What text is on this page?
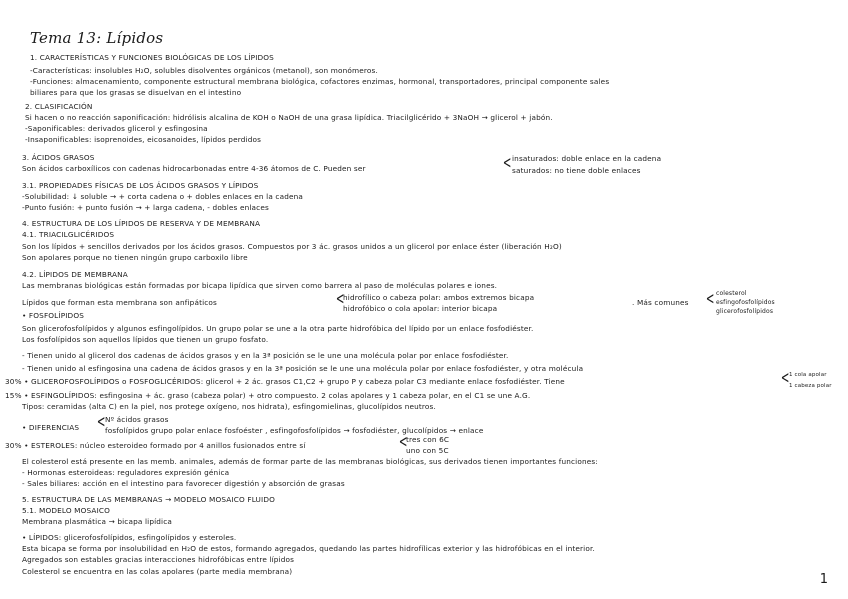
Tema 13: Lípidos
1. CARACTERÍSTICAS Y FUNCIONES BIOLÓGICAS DE LOS LÍPIDOS
-Características: insolubles H₂O, solubles disolventes orgánicos (metanol), son monómeros.
-Funciones: almacenamiento, componente estructural membrana biológica, cofactores enzimas, hormonal, transportadores, principal componente sales
biliares para que los grasas se disuelvan en el intestino
2. CLASIFICACIÓN
Si hacen o no reacción saponificación: hidrólisis alcalina de KOH o NaOH de una grasa lipídica. Triacilglicérido + 3NaOH → glicerol + jabón.
-Saponificables: derivados glicerol y esfingosina
-Insaponificables: isoprenoides, eicosanoides, lípidos perdidos
3. ÁCIDOS GRASOS
Son ácidos carboxílicos con cadenas hidrocarbonadas entre 4-36 átomos de C. Pueden ser	< insaturados: doble enlace en la cadena
saturados: no tiene doble enlaces
3.1. PROPIEDADES FÍSICAS DE LOS ÁCIDOS GRASOS Y LÍPIDOS
-Solubilidad: ↓ soluble → + corta cadena o + dobles enlaces en la cadena
-Punto fusión: + punto fusión → + larga cadena, - dobles enlaces
4. ESTRUCTURA DE LOS LÍPIDOS DE RESERVA Y DE MEMBRANA
4.1. TRIACILGLICÉRIDOS
Son los lípidos + sencillos derivados por los ácidos grasos. Compuestos por 3 ác. grasos unidos a un glicerol por enlace éster (liberación H₂O)
Son apolares porque no tienen ningún grupo carboxilo libre
4.2. LÍPIDOS DE MEMBRANA
Las membranas biológicas están formadas por bicapa lipídica que sirven como barrera al paso de moléculas polares e iones.
Lípidos que forman esta membrana son anfipáticos	<
hidrofílico o cabeza polar: ambos extremos bicapa
hidrofóbico o cola apolar: interior bicapa
. Más comunes < colesterol
esfingofosfolípidos
glicerofosfolípidos
• FOSFOLÍPIDOS
Son glicerofosfolípidos y algunos esfingolípidos. Un grupo polar se une a la otra parte hidrofóbica del lípido por un enlace fosfodiéster.
Los fosfolípidos son aquellos lípidos que tienen un grupo fosfato.
- Tienen unido al glicerol dos cadenas de ácidos grasos y en la 3ª posición se le une una molécula polar por enlace fosfodiéster.
- Tienen unido al esfingosina una cadena de ácidos grasos y en la 3ª posición se le une una molécula polar por enlace fosfodiéster, y otra molécula
30% • GLICEROFOSFOLÍPIDOS o FOSFOGLICÉRIDOS: glicerol + 2 ác. grasos C1,C2 + grupo P y cabeza polar C3 mediante enlace fosfodiéster. Tiene	< 1 cola apolar
1 cabeza polar
15% • ESFINGOLÍPIDOS: esfingosina + ác. graso (cabeza polar) + otro compuesto. 2 colas apolares y 1 cabeza polar, en el C1 se une A.G.
Tipos: ceramidas (alta C) en la piel, nos protege oxígeno, nos hidrata), esfingomielinas, glucolípidos neutros.
• DIFERENCIAS < Nº ácidos grasos
fosfolípidos grupo polar enlace fosfoéster , esfingofosfolípidos → fosfodiéster, glucolípidos → enlace
30% • ESTEROLES: núcleo esteroideo formado por 4 anillos fusionados entre sí	<
tres con 6C
uno con 5C
El colesterol está presente en las memb. animales, además de formar parte de las membranas biológicas, sus derivados tienen importantes funciones:
- Hormonas esteroideas: reguladores expresión génica
- Sales biliares: acción en el intestino para favorecer digestión y absorción de grasas
5. ESTRUCTURA DE LAS MEMBRANAS → MODELO MOSAICO FLUIDO
5.1. MODELO MOSAICO
Membrana plasmática → bicapa lipídica
• LÍPIDOS: glicerofosfolípidos, esfingolípidos y esteroles.
Esta bicapa se forma por insolubilidad en H₂O de estos, formando agregados, quedando las partes hidrofílicas exterior y las hidrofóbicas en el interior.
Agregados son estables gracias interacciones hidrofóbicas entre lípidos
Colesterol se encuentra en las colas apolares (parte media membrana)
1
